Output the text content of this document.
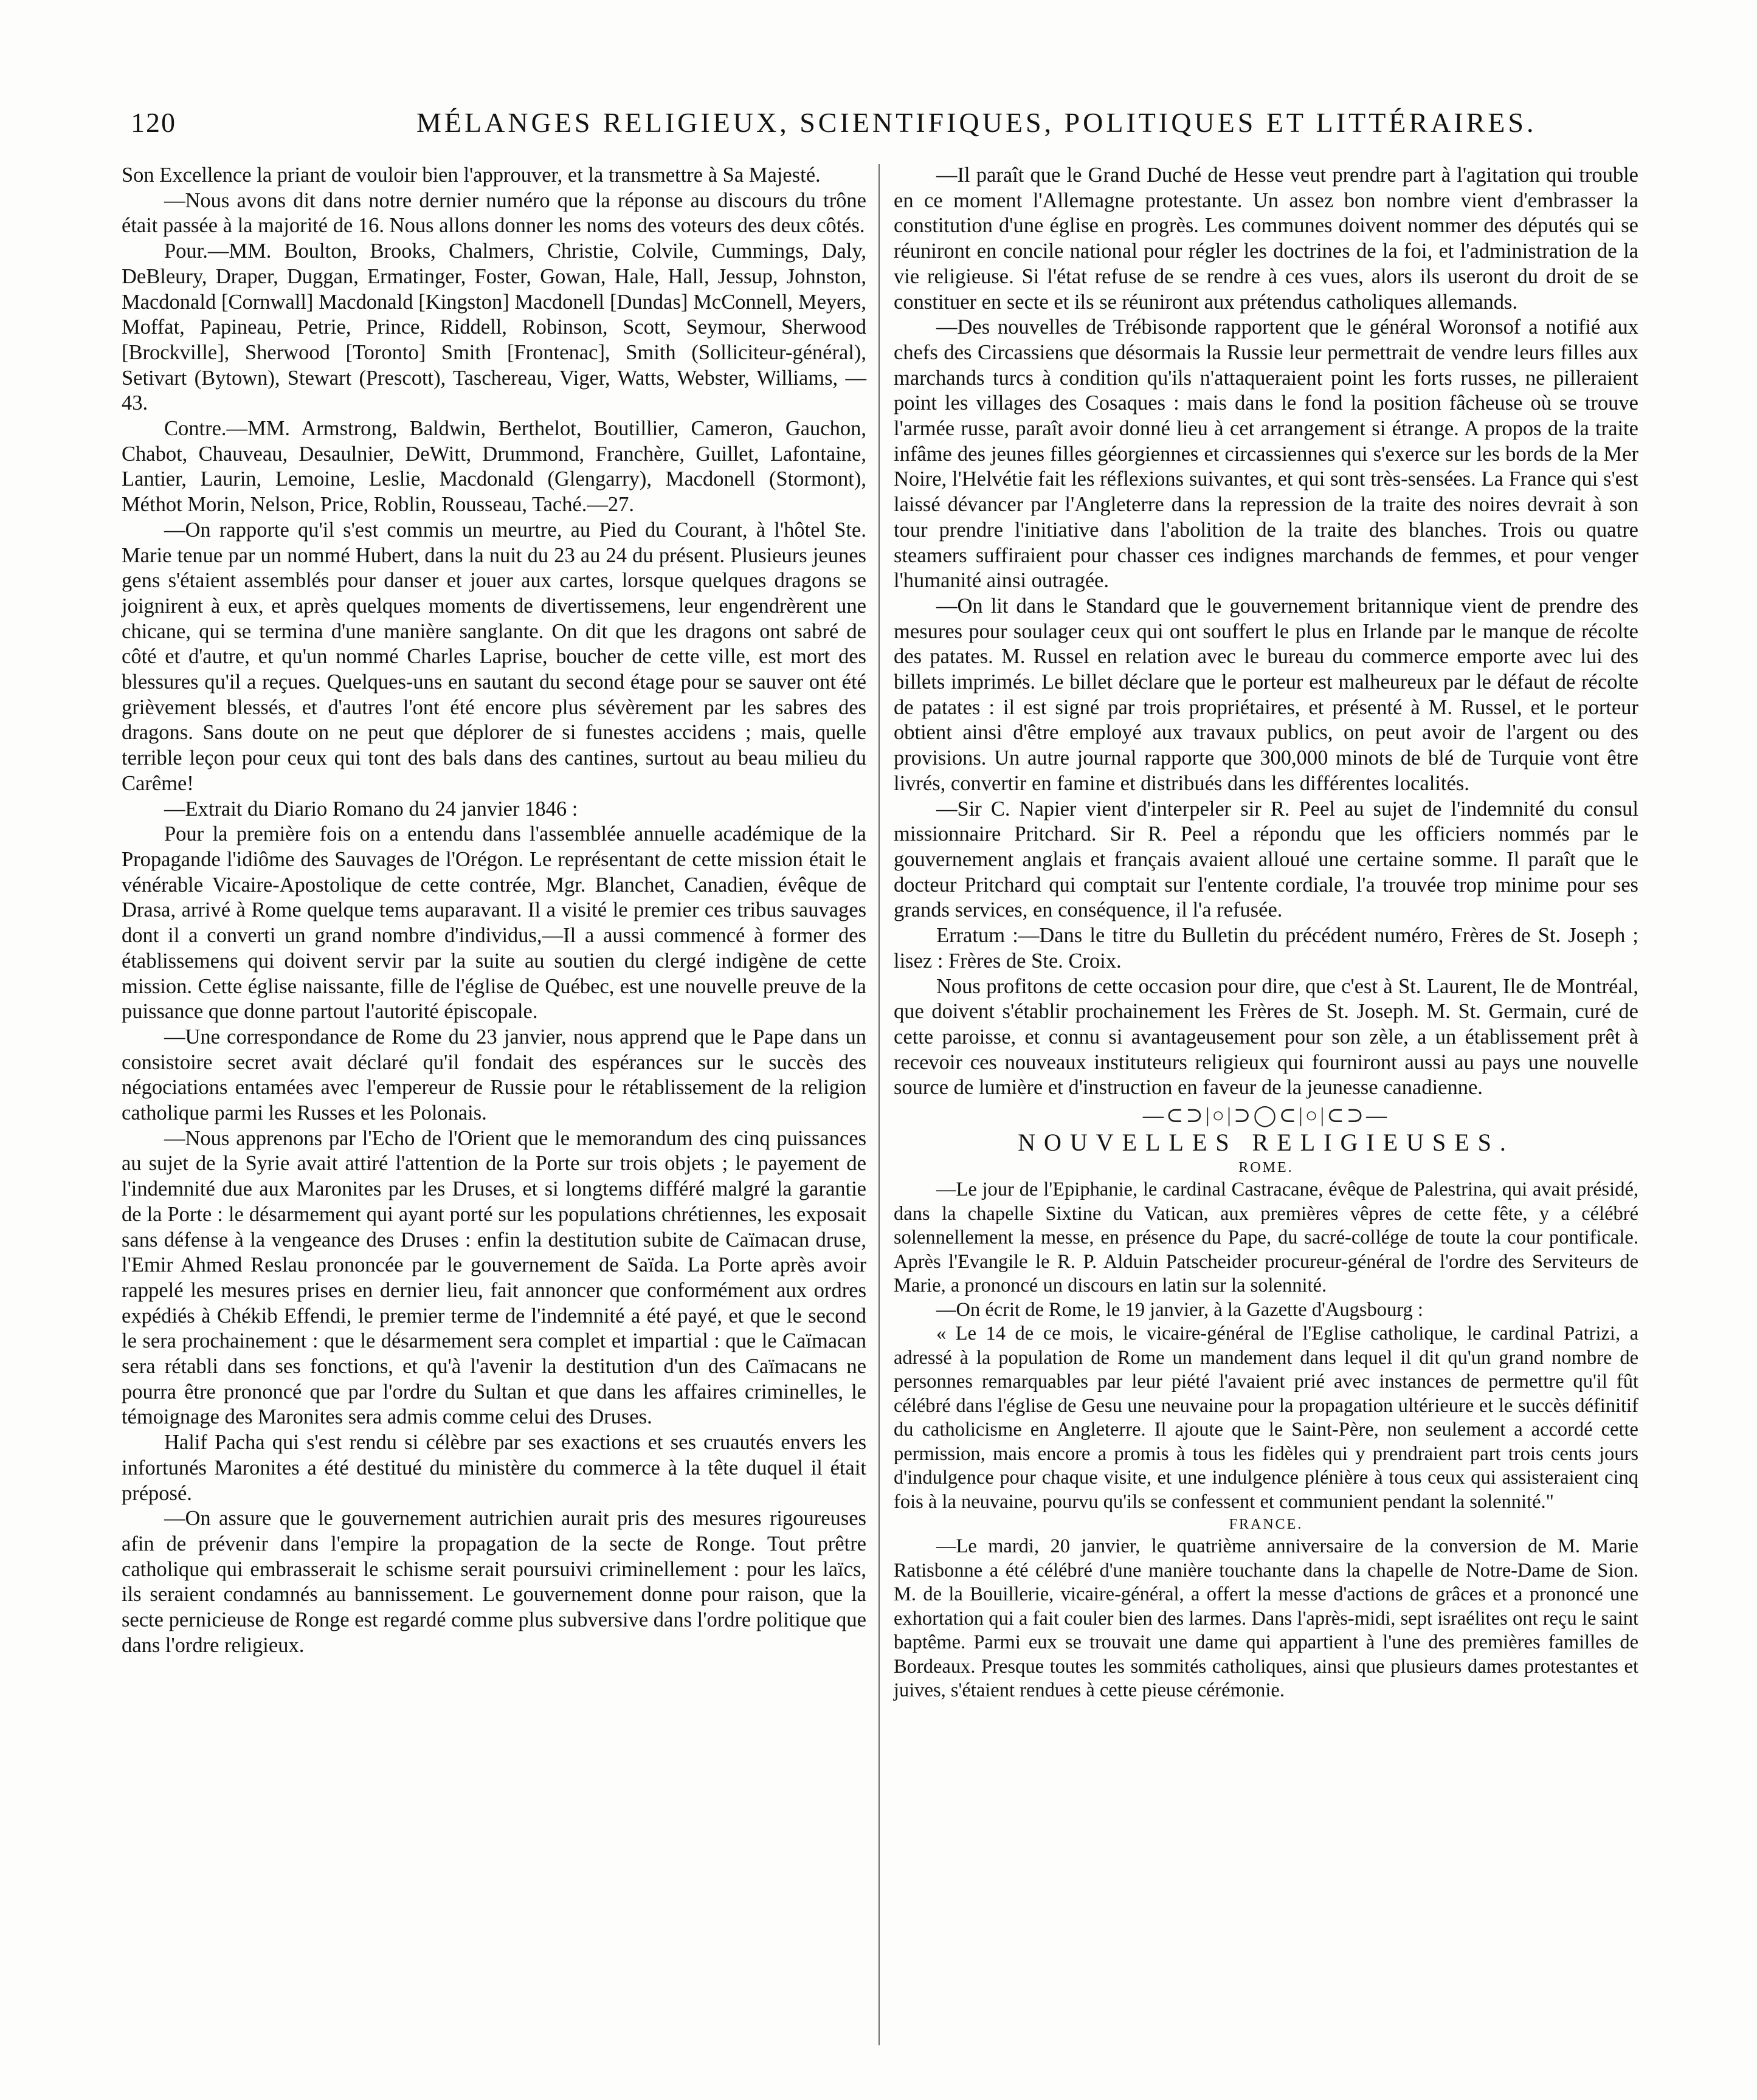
120	MÉLANGES RELIGIEUX, SCIENTIFIQUES, POLITIQUES ET LITTÉRAIRES.

Son Excellence la priant de vouloir bien l'approuver, et la transmettre à Sa Majesté.

—Nous avons dit dans notre dernier numéro que la réponse au discours du trône était passée à la majorité de 16. Nous allons donner les noms des voteurs des deux côtés.

Pour.—MM. Boulton, Brooks, Chalmers, Christie, Colvile, Cummings, Daly, DeBleury, Draper, Duggan, Ermatinger, Foster, Gowan, Hale, Hall, Jessup, Johnston, Macdonald [Cornwall] Macdonald [Kingston] Macdonell [Dundas] McConnell, Meyers, Moffat, Papineau, Petrie, Prince, Riddell, Robinson, Scott, Seymour, Sherwood [Brockville], Sherwood [Toronto] Smith [Frontenac], Smith (Solliciteur-général), Setivart (Bytown), Stewart (Prescott), Taschereau, Viger, Watts, Webster, Williams, —43.

Contre.—MM. Armstrong, Baldwin, Berthelot, Boutillier, Cameron, Gauchon, Chabot, Chauveau, Desaulnier, DeWitt, Drummond, Franchère, Guillet, Lafontaine, Lantier, Laurin, Lemoine, Leslie, Macdonald (Glengarry), Macdonell (Stormont), Méthot Morin, Nelson, Price, Roblin, Rousseau, Taché.—27.

—On rapporte qu'il s'est commis un meurtre, au Pied du Courant, à l'hôtel Ste. Marie tenue par un nommé Hubert, dans la nuit du 23 au 24 du présent. Plusieurs jeunes gens s'étaient assemblés pour danser et jouer aux cartes, lorsque quelques dragons se joignirent à eux, et après quelques moments de divertissemens, leur engendrèrent une chicane, qui se termina d'une manière sanglante. On dit que les dragons ont sabré de côté et d'autre, et qu'un nommé Charles Laprise, boucher de cette ville, est mort des blessures qu'il a reçues. Quelques-uns en sautant du second étage pour se sauver ont été grièvement blessés, et d'autres l'ont été encore plus sévèrement par les sabres des dragons. Sans doute on ne peut que déplorer de si funestes accidens ; mais, quelle terrible leçon pour ceux qui tont des bals dans des cantines, surtout au beau milieu du Carême!

—Extrait du Diario Romano du 24 janvier 1846 :

Pour la première fois on a entendu dans l'assemblée annuelle académique de la Propagande l'idiôme des Sauvages de l'Orégon. Le représentant de cette mission était le vénérable Vicaire-Apostolique de cette contrée, Mgr. Blanchet, Canadien, évêque de Drasa, arrivé à Rome quelque tems auparavant. Il a visité le premier ces tribus sauvages dont il a converti un grand nombre d'individus,—Il a aussi commencé à former des établissemens qui doivent servir par la suite au soutien du clergé indigène de cette mission. Cette église naissante, fille de l'église de Québec, est une nouvelle preuve de la puissance que donne partout l'autorité épiscopale.

—Une correspondance de Rome du 23 janvier, nous apprend que le Pape dans un consistoire secret avait déclaré qu'il fondait des espérances sur le succès des négociations entamées avec l'empereur de Russie pour le rétablissement de la religion catholique parmi les Russes et les Polonais.

—Nous apprenons par l'Echo de l'Orient que le memorandum des cinq puissances au sujet de la Syrie avait attiré l'attention de la Porte sur trois objets ; le payement de l'indemnité due aux Maronites par les Druses, et si longtems différé malgré la garantie de la Porte : le désarmement qui ayant porté sur les populations chrétiennes, les exposait sans défense à la vengeance des Druses : enfin la destitution subite de Caïmacan druse, l'Emir Ahmed Reslau prononcée par le gouvernement de Saïda. La Porte après avoir rappelé les mesures prises en dernier lieu, fait annoncer que conformément aux ordres expédiés à Chékib Effendi, le premier terme de l'indemnité a été payé, et que le second le sera prochainement : que le désarmement sera complet et impartial : que le Caïmacan sera rétabli dans ses fonctions, et qu'à l'avenir la destitution d'un des Caïmacans ne pourra être prononcé que par l'ordre du Sultan et que dans les affaires criminelles, le témoignage des Maronites sera admis comme celui des Druses.

Halif Pacha qui s'est rendu si célèbre par ses exactions et ses cruautés envers les infortunés Maronites a été destitué du ministère du commerce à la tête duquel il était préposé.

—On assure que le gouvernement autrichien aurait pris des mesures rigoureuses afin de prévenir dans l'empire la propagation de la secte de Ronge. Tout prêtre catholique qui embrasserait le schisme serait poursuivi criminellement : pour les laïcs, ils seraient condamnés au bannissement. Le gouvernement donne pour raison, que la secte pernicieuse de Ronge est regardé comme plus subversive dans l'ordre politique que dans l'ordre religieux.

—Il paraît que le Grand Duché de Hesse veut prendre part à l'agitation qui trouble en ce moment l'Allemagne protestante. Un assez bon nombre vient d'embrasser la constitution d'une église en progrès. Les communes doivent nommer des députés qui se réuniront en concile national pour régler les doctrines de la foi, et l'administration de la vie religieuse. Si l'état refuse de se rendre à ces vues, alors ils useront du droit de se constituer en secte et ils se réuniront aux prétendus catholiques allemands.

—Des nouvelles de Trébisonde rapportent que le général Woronsof a notifié aux chefs des Circassiens que désormais la Russie leur permettrait de vendre leurs filles aux marchands turcs à condition qu'ils n'attaqueraient point les forts russes, ne pilleraient point les villages des Cosaques : mais dans le fond la position fâcheuse où se trouve l'armée russe, paraît avoir donné lieu à cet arrangement si étrange. A propos de la traite infâme des jeunes filles géorgiennes et circassiennes qui s'exerce sur les bords de la Mer Noire, l'Helvétie fait les réflexions suivantes, et qui sont très-sensées. La France qui s'est laissé dévancer par l'Angleterre dans la repression de la traite des noires devrait à son tour prendre l'initiative dans l'abolition de la traite des blanches. Trois ou quatre steamers suffiraient pour chasser ces indignes marchands de femmes, et pour venger l'humanité ainsi outragée.

—On lit dans le Standard que le gouvernement britannique vient de prendre des mesures pour soulager ceux qui ont souffert le plus en Irlande par le manque de récolte des patates. M. Russel en relation avec le bureau du commerce emporte avec lui des billets imprimés. Le billet déclare que le porteur est malheureux par le défaut de récolte de patates : il est signé par trois propriétaires, et présenté à M. Russel, et le porteur obtient ainsi d'être employé aux travaux publics, on peut avoir de l'argent ou des provisions. Un autre journal rapporte que 300,000 minots de blé de Turquie vont être livrés, convertir en famine et distribués dans les différentes localités.

—Sir C. Napier vient d'interpeler sir R. Peel au sujet de l'indemnité du consul missionnaire Pritchard. Sir R. Peel a répondu que les officiers nommés par le gouvernement anglais et français avaient alloué une certaine somme. Il paraît que le docteur Pritchard qui comptait sur l'entente cordiale, l'a trouvée trop minime pour ses grands services, en conséquence, il l'a refusée.

Erratum :—Dans le titre du Bulletin du précédent numéro, Frères de St. Joseph ; lisez : Frères de Ste. Croix.

Nous profitons de cette occasion pour dire, que c'est à St. Laurent, Ile de Montréal, que doivent s'établir prochainement les Frères de St. Joseph. M. St. Germain, curé de cette paroisse, et connu si avantageusement pour son zèle, a un établissement prêt à recevoir ces nouveaux instituteurs religieux qui fourniront aussi au pays une nouvelle source de lumière et d'instruction en faveur de la jeunesse canadienne.

—⊂⊃|○|⊃◯⊂|○|⊂⊃—
NOUVELLES RELIGIEUSES.
ROME.

—Le jour de l'Epiphanie, le cardinal Castracane, évêque de Palestrina, qui avait présidé, dans la chapelle Sixtine du Vatican, aux premières vêpres de cette fête, y a célébré solennellement la messe, en présence du Pape, du sacré-collége de toute la cour pontificale. Après l'Evangile le R. P. Alduin Patscheider procureur-général de l'ordre des Serviteurs de Marie, a prononcé un discours en latin sur la solennité.

—On écrit de Rome, le 19 janvier, à la Gazette d'Augsbourg :

« Le 14 de ce mois, le vicaire-général de l'Eglise catholique, le cardinal Patrizi, a adressé à la population de Rome un mandement dans lequel il dit qu'un grand nombre de personnes remarquables par leur piété l'avaient prié avec instances de permettre qu'il fût célébré dans l'église de Gesu une neuvaine pour la propagation ultérieure et le succès définitif du catholicisme en Angleterre. Il ajoute que le Saint-Père, non seulement a accordé cette permission, mais encore a promis à tous les fidèles qui y prendraient part trois cents jours d'indulgence pour chaque visite, et une indulgence plénière à tous ceux qui assisteraient cinq fois à la neuvaine, pourvu qu'ils se confessent et communient pendant la solennité."

FRANCE.

—Le mardi, 20 janvier, le quatrième anniversaire de la conversion de M. Marie Ratisbonne a été célébré d'une manière touchante dans la chapelle de Notre-Dame de Sion. M. de la Bouillerie, vicaire-général, a offert la messe d'actions de grâces et a prononcé une exhortation qui a fait couler bien des larmes. Dans l'après-midi, sept israélites ont reçu le saint baptême. Parmi eux se trouvait une dame qui appartient à l'une des premières familles de Bordeaux. Presque toutes les sommités catholiques, ainsi que plusieurs dames protestantes et juives, s'étaient rendues à cette pieuse cérémonie.
